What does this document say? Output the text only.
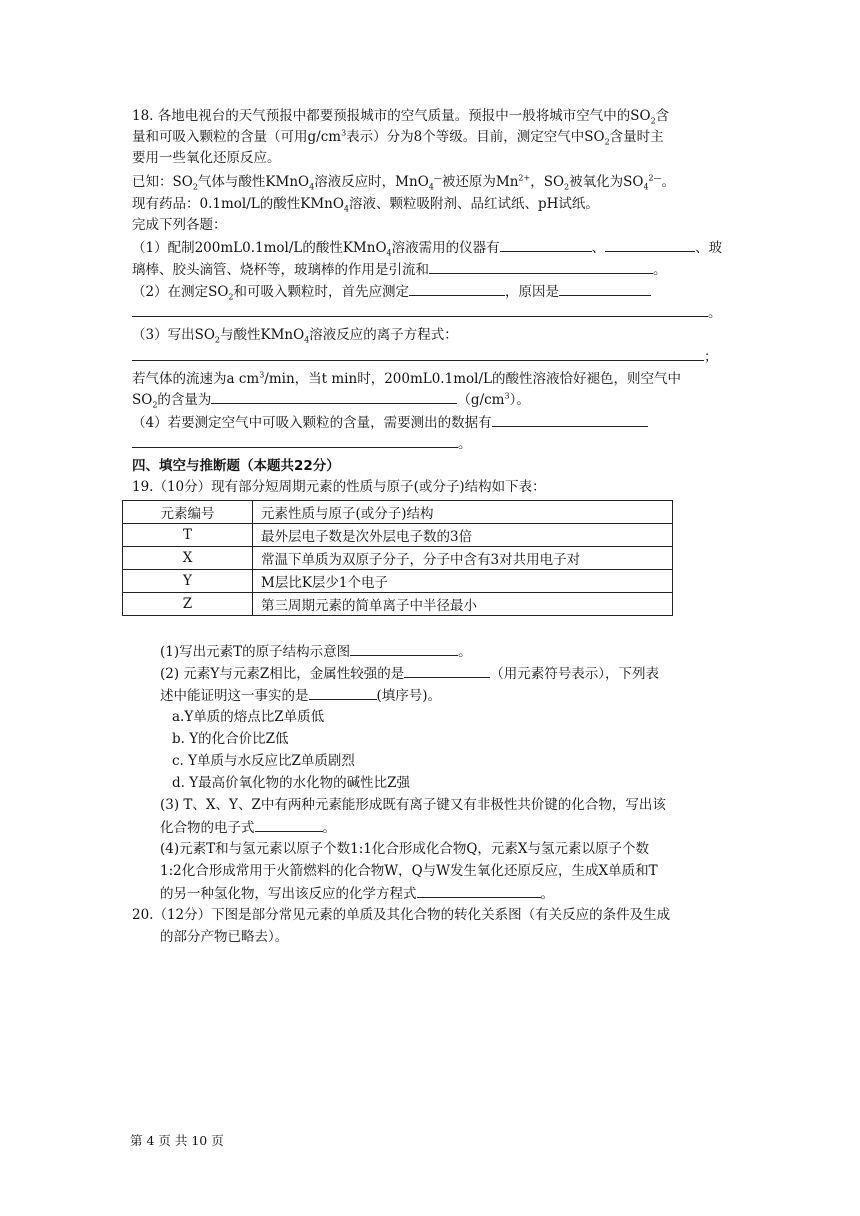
18. 各地电视台的天气预报中都要预报城市的空气质量。预报中一般将城市空气中的$SO_2$含
量和可吸入颗粒的含量（可用$g/cm^3$表示）分为8个等级。目前，测定空气中$SO_2$含量时主
要用一些氧化还原反应。
已知：$SO_2$气体与酸性KMnO$_4$溶液反应时，MnO$_4$—被还原为$Mn^{2+}$，$SO_2$被氧化为$SO_4^{2—}$。
现有药品：0.1mol/L的酸性KMnO$_4$溶液、颗粒吸附剂、品红试纸、pH试纸。
完成下列各题：
（1）配制200mL0.1mol/L的酸性KMnO$_4$溶液需用的仪器有	、	、玻
璃棒、胶头滴管、烧杯等，玻璃棒的作用是引流和	。
（2）在测定$SO_2$和可吸入颗粒时，首先应测定	，原因是
。
（3）写出$SO_2$与酸性KMnO$_4$溶液反应的离子方程式：
；
若气体的流速为a $cm^3/\min$，当t min时，200mL0.1mol/L的酸性溶液恰好褪色，则空气中
$SO_2$的含量为	$(g/cm^3)$。
（4）若要测定空气中可吸入颗粒的含量，需要测出的数据有
。
四、填空与推断题（本题共22分）
19.（10分）现有部分短周期元素的性质与原子(或分子)结构如下表：
元素编号	元素性质与原子(或分子)结构
T	最外层电子数是次外层电子数的3倍
X	常温下单质为双原子分子，分子中含有3对共用电子对
Y	M层比K层少1个电子
Z	第三周期元素的简单离子中半径最小
(1)写出元素T的原子结构示意图	。
(2) 元素Y与元素Z相比，金属性较强的是	（用元素符号表示），下列表
述中能证明这一事实的是	(填序号)。
a.Y单质的熔点比Z单质低
b. Y的化合价比Z低
c. Y单质与水反应比Z单质剧烈
d. Y最高价氧化物的水化物的碱性比Z强
(3) T、X、Y、Z中有两种元素能形成既有离子键又有非极性共价键的化合物，写出该
化合物的电子式	。
(4)元素T和与氢元素以原子个数1:1化合形成化合物Q，元素X与氢元素以原子个数
1:2化合形成常用于火箭燃料的化合物W，Q与W发生氧化还原反应，生成X单质和T
的另一种氢化物，写出该反应的化学方程式	。
20.（12分）下图是部分常见元素的单质及其化合物的转化关系图（有关反应的条件及生成
的部分产物已略去）。
第 4 页 共 10 页
